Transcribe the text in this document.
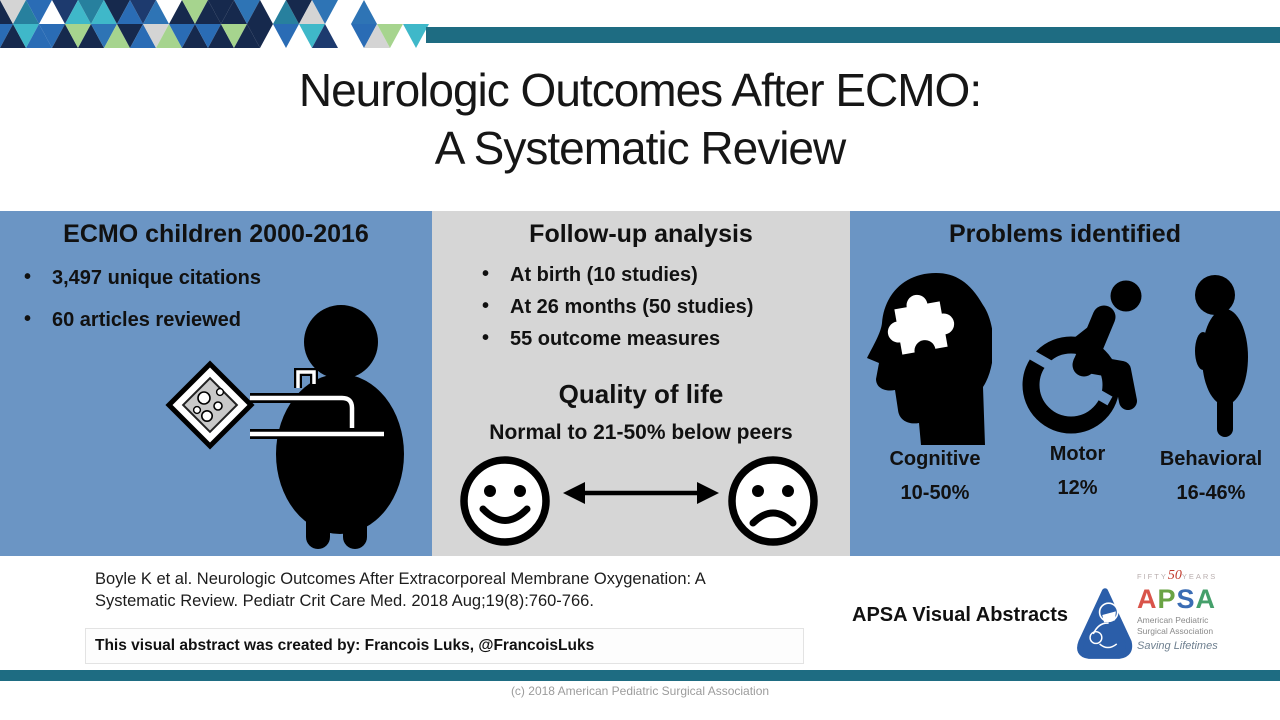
Neurologic Outcomes After ECMO:
A Systematic Review
ECMO children 2000-2016
• 3,497 unique citations
• 60 articles reviewed
Follow-up analysis
• At birth (10 studies)
• At 26 months (50 studies)
• 55 outcome measures
Quality of life
Normal to 21-50% below peers
Problems identified
Cognitive	Motor	Behavioral
10-50%	12%	16-46%
Boyle K et al. Neurologic Outcomes After Extracorporeal Membrane Oxygenation: A
Systematic Review. Pediatr Crit Care Med. 2018 Aug;19(8):760-766.
This visual abstract was created by: Francois Luks, @FrancoisLuks
APSA Visual Abstracts
FIFTY50YEARS
APSA
American Pediatric
Surgical Association
Saving Lifetimes
(c) 2018 American Pediatric Surgical Association
